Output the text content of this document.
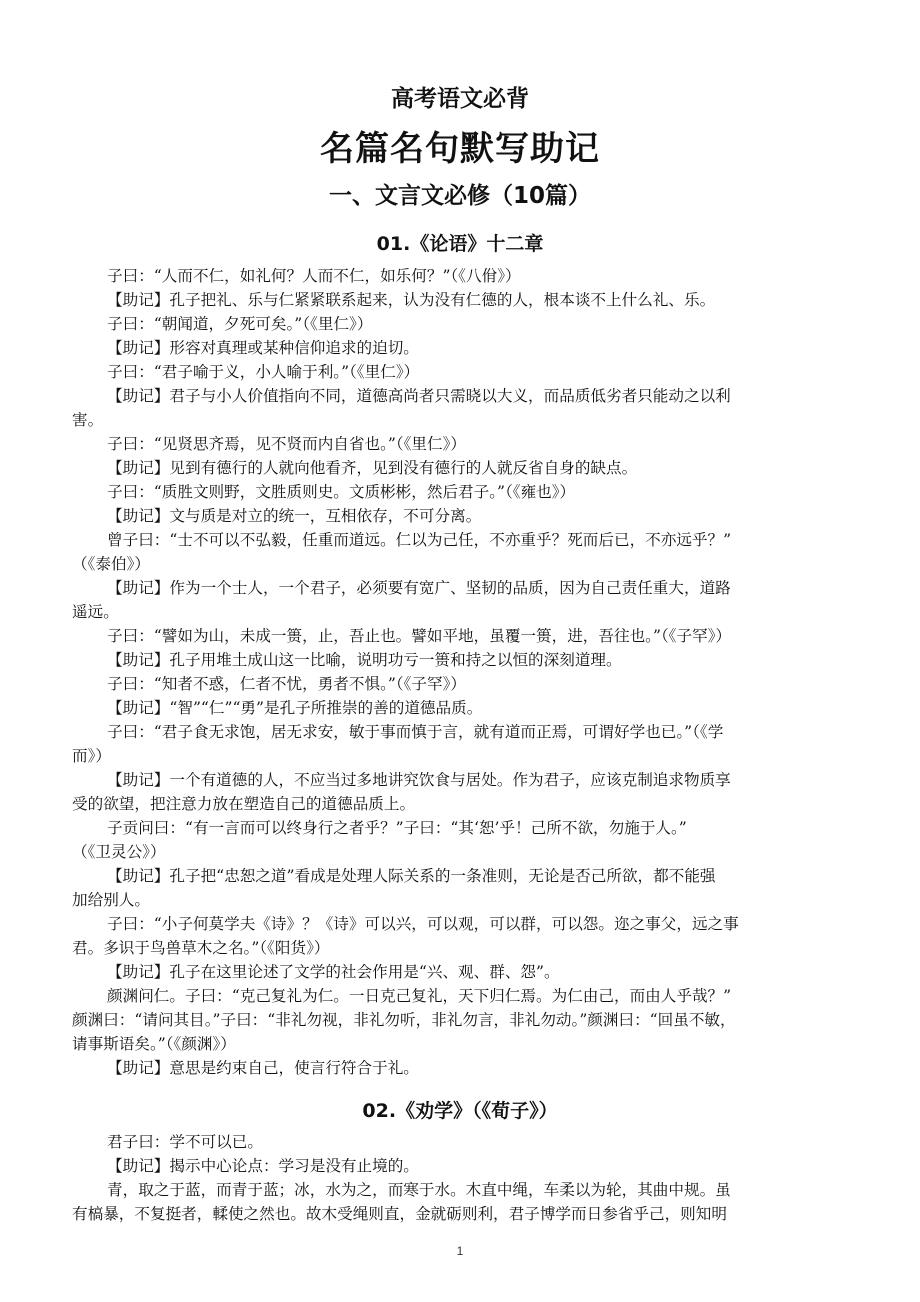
高考语文必背
名篇名句默写助记
一、文言文必修（10篇）
01.《论语》十二章

子曰：“人而不仁，如礼何？人而不仁，如乐何？”（《八佾》）

【助记】孔子把礼、乐与仁紧紧联系起来，认为没有仁德的人，根本谈不上什么礼、乐。

子曰：“朝闻道，夕死可矣。”（《里仁》）

【助记】形容对真理或某种信仰追求的迫切。

子曰：“君子喻于义，小人喻于利。”（《里仁》）

【助记】君子与小人价值指向不同，道德高尚者只需晓以大义，而品质低劣者只能动之以利

害。

子曰：“见贤思齐焉，见不贤而内自省也。”（《里仁》）

【助记】见到有德行的人就向他看齐，见到没有德行的人就反省自身的缺点。

子曰：“质胜文则野，文胜质则史。文质彬彬，然后君子。”（《雍也》）

【助记】文与质是对立的统一，互相依存，不可分离。

曾子曰：“士不可以不弘毅，任重而道远。仁以为己任，不亦重乎？死而后已，不亦远乎？”

（《泰伯》）

【助记】作为一个士人，一个君子，必须要有宽广、坚韧的品质，因为自己责任重大，道路

遥远。

子曰：“譬如为山，未成一篑，止，吾止也。譬如平地，虽覆一篑，进，吾往也。”（《子罕》）

【助记】孔子用堆土成山这一比喻，说明功亏一篑和持之以恒的深刻道理。

子曰：“知者不惑，仁者不忧，勇者不惧。”（《子罕》）

【助记】“智”“仁”“勇”是孔子所推崇的善的道德品质。

子曰：“君子食无求饱，居无求安，敏于事而慎于言，就有道而正焉，可谓好学也已。”（《学

而》）

【助记】一个有道德的人，不应当过多地讲究饮食与居处。作为君子，应该克制追求物质享

受的欲望，把注意力放在塑造自己的道德品质上。

子贡问曰：“有一言而可以终身行之者乎？”子曰：“其‘恕’乎！己所不欲，勿施于人。”

（《卫灵公》）

【助记】孔子把“忠恕之道”看成是处理人际关系的一条准则，无论是否己所欲，都不能强

加给别人。

子曰：“小子何莫学夫《诗》？《诗》可以兴，可以观，可以群，可以怨。迩之事父，远之事

君。多识于鸟兽草木之名。”（《阳货》）

【助记】孔子在这里论述了文学的社会作用是“兴、观、群、怨”。

颜渊问仁。子曰：“克己复礼为仁。一日克己复礼，天下归仁焉。为仁由己，而由人乎哉？”

颜渊曰：“请问其目。”子曰：“非礼勿视，非礼勿听，非礼勿言，非礼勿动。”颜渊曰：“回虽不敏，

请事斯语矣。”（《颜渊》）

【助记】意思是约束自己，使言行符合于礼。

02.《劝学》（《荀子》）

君子曰：学不可以已。

【助记】揭示中心论点：学习是没有止境的。

青，取之于蓝，而青于蓝；冰，水为之，而寒于水。木直中绳，车柔以为轮，其曲中规。虽

有槁暴，不复挺者，輮使之然也。故木受绳则直，金就砺则利，君子博学而日参省乎己，则知明

1
